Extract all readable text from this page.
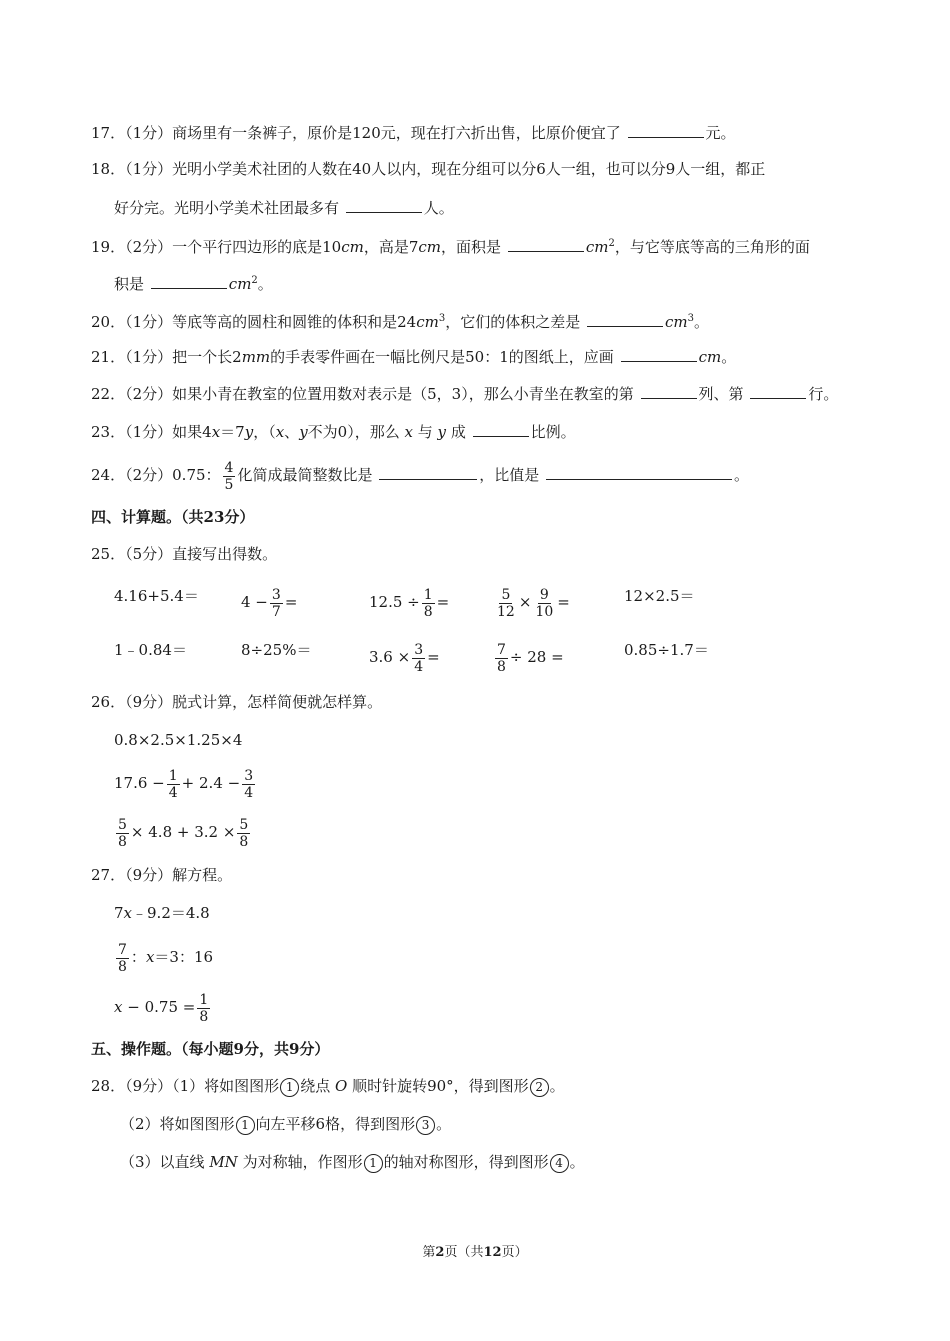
17．（1分）商场里有一条裤子，原价是120元，现在打六折出售，比原价便宜了	元。
18．（1分）光明小学美术社团的人数在40人以内，现在分组可以分6人一组，也可以分9人一组，都正
好分完。光明小学美术社团最多有	人。
19．（2分）一个平行四边形的底是10cm，高是7cm，面积是	$cm^2$，与它等底等高的三角形的面
积是	$cm^2$。
20．（1分）等底等高的圆柱和圆锥的体积和是$24cm^3$，它们的体积之差是	$cm^3$。
21．（1分）把一个长2mm的手表零件画在一幅比例尺是50：1的图纸上，应画	cm。
22．（2分）如果小青在教室的位置用数对表示是（5，3），那么小青坐在教室的第	列、第	行。
23．（1分）如果4x＝7y，（x、y不为0），那么 x 与 y 成	比例。
24．（2分）0.75： $\frac{4}{5}$ 化简成最简整数比是	，比值是	。
四、计算题。（共23分）
25．（5分）直接写出得数。
4.16+5.4＝	$4 - \frac{3}{7}$ =	$12.5 \div \frac{1}{8}$ =	$\frac{5}{12} \times \frac{9}{10}$ =	12×2.5＝
1﹣0.84＝	8÷25%＝	$3.6 \times \frac{3}{4}$ =	$\frac{7}{8} \div 28$ =	0.85÷1.7＝
26．（9分）脱式计算，怎样简便就怎样算。
0.8×2.5×1.25×4
$17.6 - \frac{1}{4} + 2.4 - \frac{3}{4}$
$\frac{5}{8} \times 4.8 + 3.2 \times \frac{5}{8}$
27．（9分）解方程。
7x﹣9.2＝4.8
$\frac{7}{8}$ ：x＝3：16
$x - 0.75 = \frac{1}{8}$
五、操作题。（每小题9分，共9分）
28．（9分）（1）将如图图形 1 绕点 O 顺时针旋转90°，得到图形 2 。
（2）将如图图形 1 向左平移6格，得到图形 3 。
（3）以直线 MN 为对称轴，作图形 1 的轴对称图形，得到图形 4 。
第2页（共12页）
